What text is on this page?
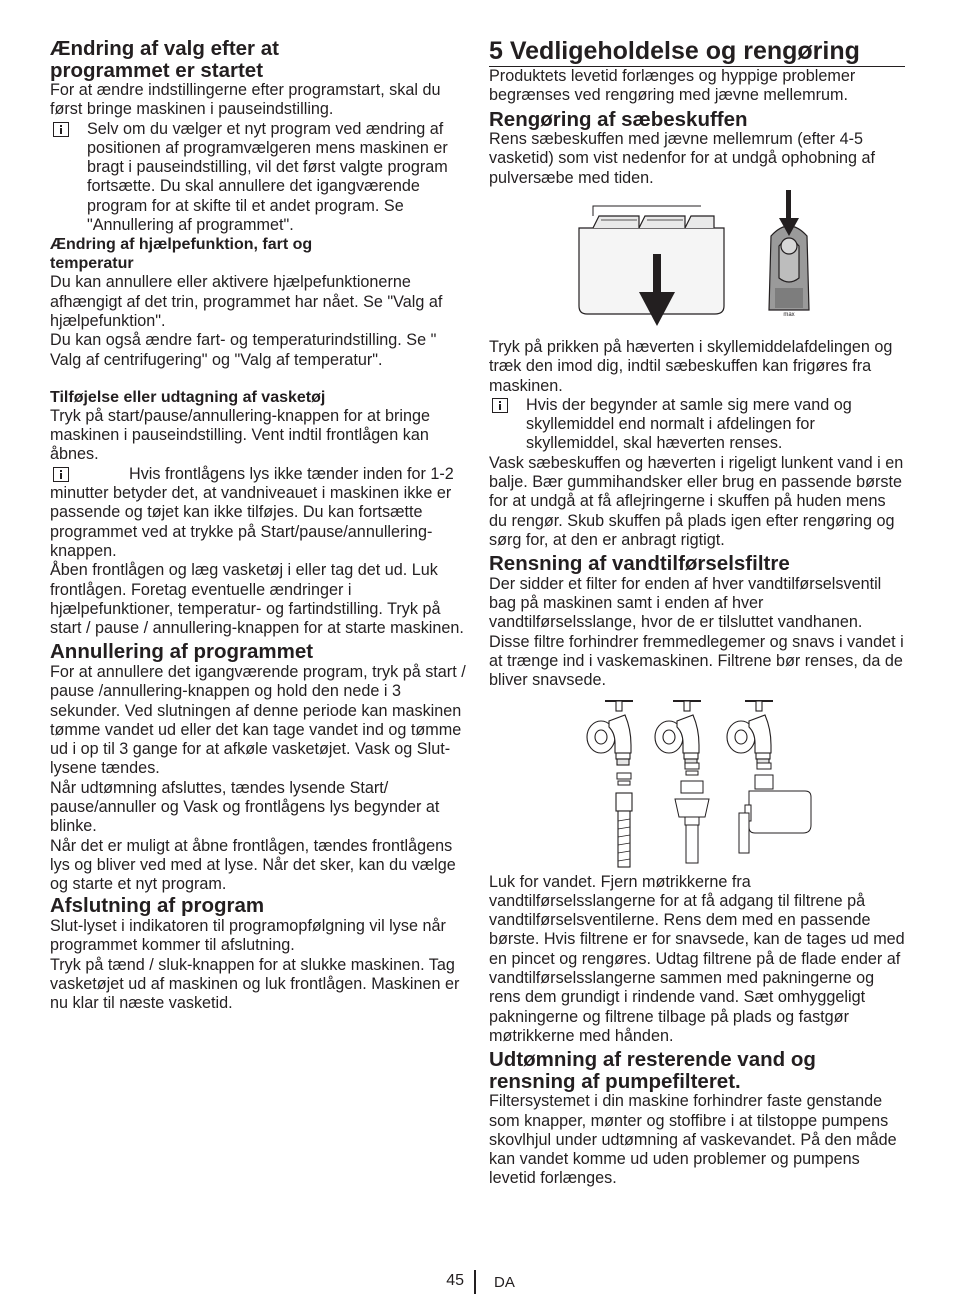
Ændring af valg efter at programmet er startet

For at ændre indstillingerne efter programstart, skal du først bringe maskinen i pauseindstilling.

Selv om du vælger et nyt program ved ændring af positionen af programvælgeren mens maskinen er bragt i pauseindstilling, vil det først valgte program fortsætte. Du skal annullere det igangværende program for at skifte til et andet program. Se "Annullering af programmet".

Ændring af hjælpefunktion, fart og temperatur

Du kan annullere eller aktivere hjælpefunktionerne afhængigt af det trin, programmet har nået. Se "Valg af hjælpefunktion".

Du kan også ændre fart- og temperaturindstilling. Se " Valg af centrifugering" og "Valg af temperatur".

Tilføjelse eller udtagning af vasketøj

Tryk på start/pause/annullering-knappen for at bringe maskinen i pauseindstilling. Vent indtil frontlågen kan åbnes.

Hvis frontlågens lys ikke tænder inden for 1-2 minutter betyder det, at vandniveauet i maskinen ikke er passende og tøjet kan ikke tilføjes. Du kan fortsætte programmet ved at trykke på Start/pause/annullering-knappen.

Åben frontlågen og læg vasketøj i eller tag det ud. Luk frontlågen. Foretag eventuelle ændringer i hjælpefunktioner, temperatur- og fartindstilling. Tryk på start / pause / annullering-knappen for at starte maskinen.

Annullering af programmet

For at annullere det igangværende program, tryk på start / pause /annullering-knappen og hold den nede i 3 sekunder. Ved slutningen af denne periode kan maskinen tømme vandet ud eller det kan tage vandet ind og tømme ud i op til 3 gange for at afkøle vasketøjet. Vask og Slut-lysene tændes.

Når udtømning afsluttes, tændes lysende Start/ pause/annuller og Vask og frontlågens lys begynder at blinke.

Når det er muligt at åbne frontlågen, tændes frontlågens lys og bliver ved med at lyse. Når det sker, kan du vælge og starte et nyt program.

Afslutning af program

Slut-lyset i indikatoren til programopfølgning vil lyse når programmet kommer til afslutning.

Tryk på tænd / sluk-knappen for at slukke maskinen. Tag vasketøjet ud af maskinen og luk frontlågen. Maskinen er nu klar til næste vasketid.

5 Vedligeholdelse og rengøring

Produktets levetid forlænges og hyppige problemer begrænses ved rengøring med jævne mellemrum.

Rengøring af sæbeskuffen

Rens sæbeskuffen med jævne mellemrum (efter 4-5 vasketid) som vist nedenfor for at undgå ophobning af pulversæbe med tiden.

max

Tryk på prikken på hæverten i skyllemiddelafdelingen og træk den imod dig, indtil sæbeskuffen kan frigøres fra maskinen.

Hvis der begynder at samle sig mere vand og skyllemiddel end normalt i afdelingen for skyllemiddel, skal hæverten renses.

Vask sæbeskuffen og hæverten i rigeligt lunkent vand i en balje. Bær gummihandsker eller brug en passende børste for at undgå at få aflejringerne i skuffen på huden mens du rengør. Skub skuffen på plads igen efter rengøring og sørg for, at den er anbragt rigtigt.

Rensning af vandtilførselsfiltre

Der sidder et filter for enden af hver vandtilførselsventil bag på maskinen samt i enden af hver vandtilførselsslange, hvor de er tilsluttet vandhanen. Disse filtre forhindrer fremmedlegemer og snavs i vandet i at trænge ind i vaskemaskinen. Filtrene bør renses, da de bliver snavsede.

Luk for vandet. Fjern møtrikkerne fra vandtilførselsslangerne for at få adgang til filtrene på vandtilførselsventilerne. Rens dem med en passende børste. Hvis filtrene er for snavsede, kan de tages ud med en pincet og rengøres. Udtag filtrene på de flade ender af vandtilførselsslangerne sammen med pakningerne og rens dem grundigt i rindende vand. Sæt omhyggeligt pakningerne og filtrene tilbage på plads og fastgør møtrikkerne med hånden.

Udtømning af resterende vand og rensning af pumpefilteret.

Filtersystemet i din maskine forhindrer faste genstande som knapper, mønter og stoffibre i at tilstoppe pumpens skovlhjul under udtømning af vaskevandet. På den måde kan vandet komme ud uden problemer og pumpens levetid forlænges.

45 DA
